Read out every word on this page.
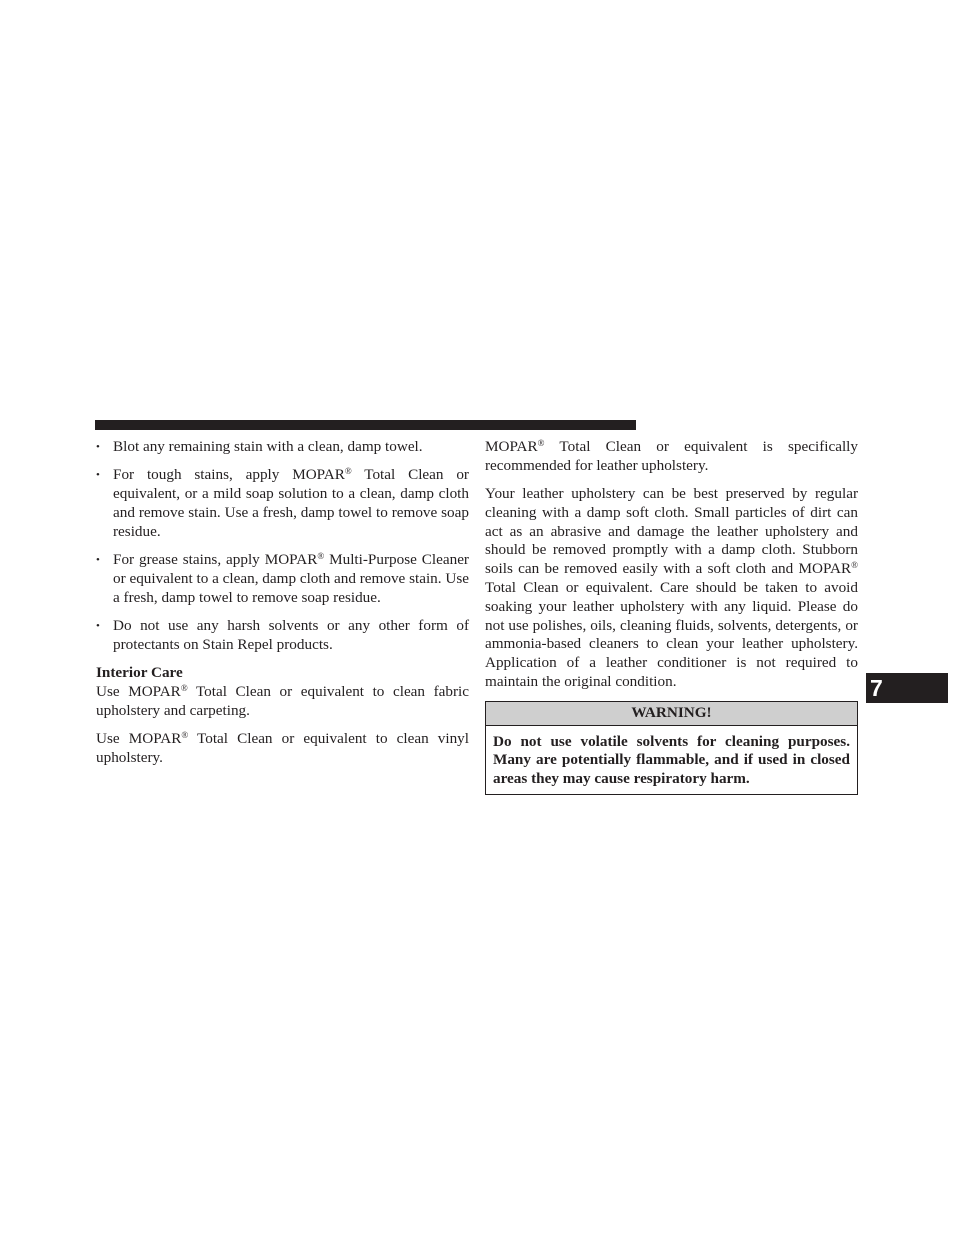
• Blot any remaining stain with a clean, damp towel.
• For tough stains, apply MOPAR® Total Clean or equivalent, or a mild soap solution to a clean, damp cloth and remove stain. Use a fresh, damp towel to remove soap residue.
• For grease stains, apply MOPAR® Multi-Purpose Cleaner or equivalent to a clean, damp cloth and remove stain. Use a fresh, damp towel to remove soap residue.
• Do not use any harsh solvents or any other form of protectants on Stain Repel products.

Interior Care

Use MOPAR® Total Clean or equivalent to clean fabric upholstery and carpeting.

Use MOPAR® Total Clean or equivalent to clean vinyl upholstery.

MOPAR® Total Clean or equivalent is specifically recommended for leather upholstery.

Your leather upholstery can be best preserved by regular cleaning with a damp soft cloth. Small particles of dirt can act as an abrasive and damage the leather upholstery and should be removed promptly with a damp cloth. Stubborn soils can be removed easily with a soft cloth and MOPAR® Total Clean or equivalent. Care should be taken to avoid soaking your leather upholstery with any liquid. Please do not use polishes, oils, cleaning fluids, solvents, detergents, or ammonia-based cleaners to clean your leather upholstery. Application of a leather conditioner is not required to maintain the original condition.

WARNING!
Do not use volatile solvents for cleaning purposes. Many are potentially flammable, and if used in closed areas they may cause respiratory harm.
7
